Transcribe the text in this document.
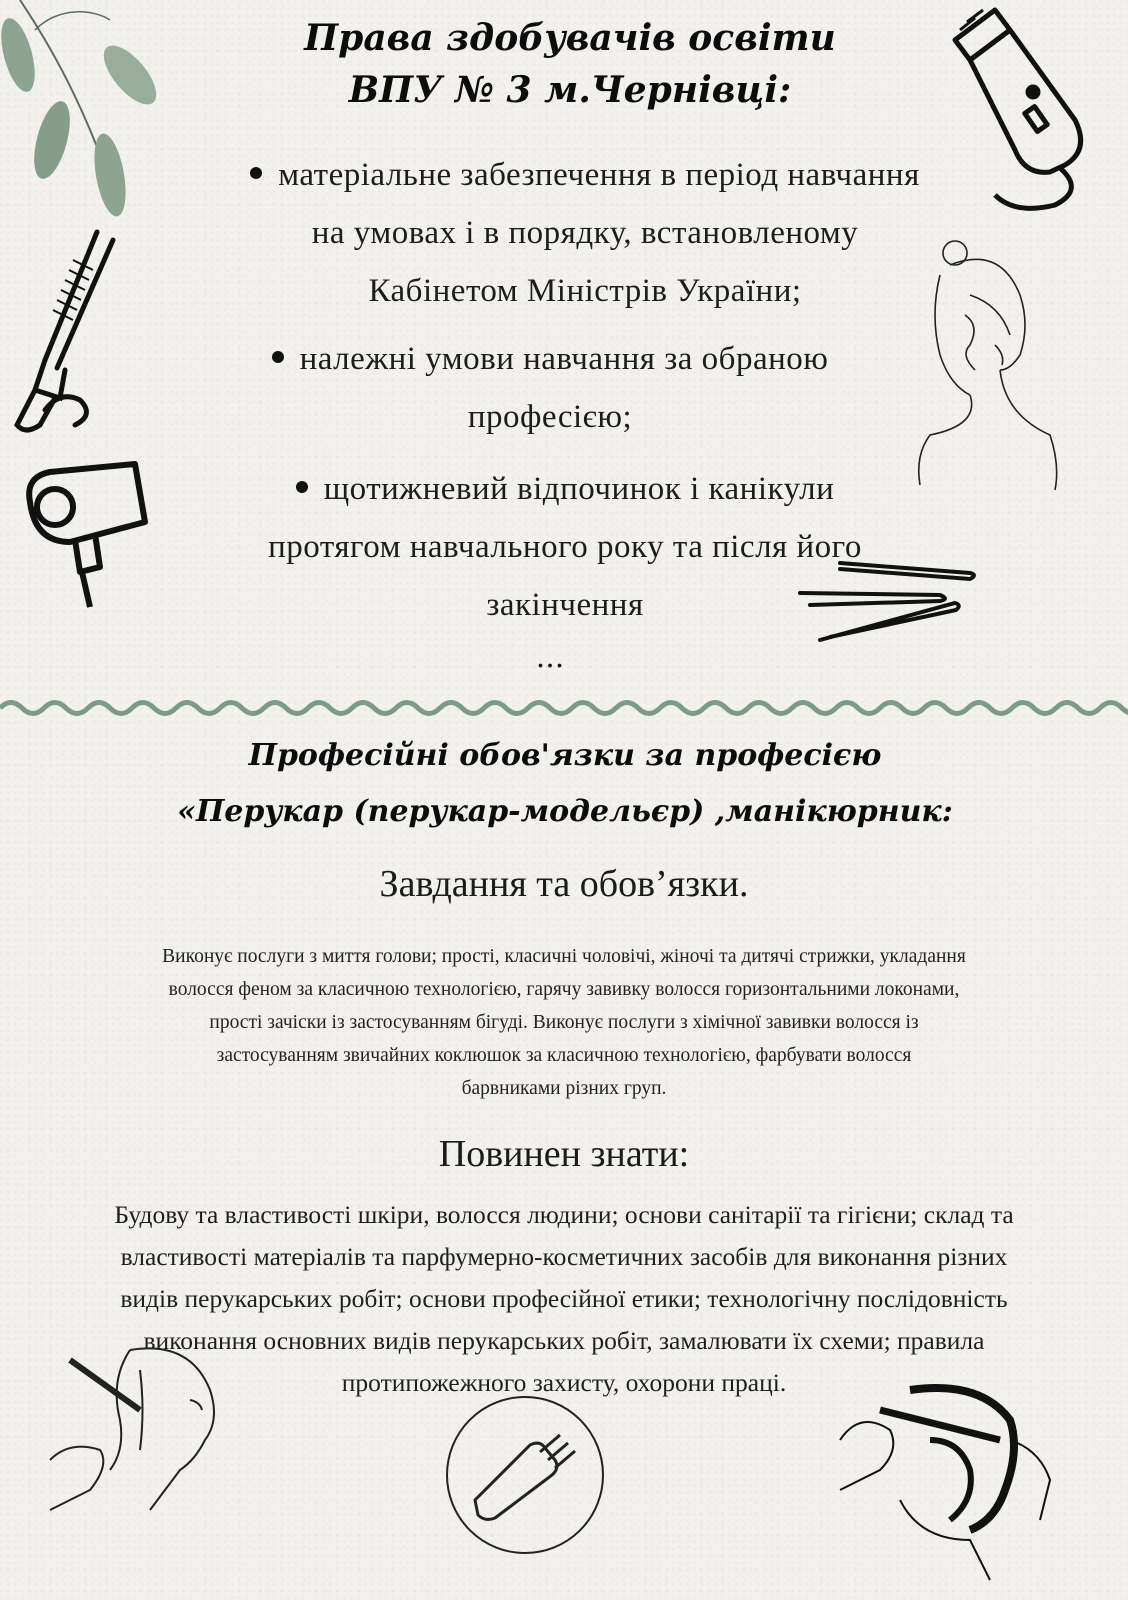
Права здобувачів освіти
ВПУ № 3 м.Чернівці:
матеріальне забезпечення в період навчання
на умовах і в порядку, встановленому
Кабінетом Міністрів України;
належні умови навчання за обраною
професією;
щотижневий відпочинок і канікули
протягом навчального року та після його
закінчення
...
Професійні обов'язки за професією
«Перукар (перукар-модельєр) ,манікюрник:
Завдання та обов’язки.
Виконує послуги з миття голови; прості, класичні чоловічі, жіночі та дитячі стрижки, укладання
волосся феном за класичною технологією, гарячу завивку волосся горизонтальними локонами,
прості зачіски із застосуванням бігуді. Виконує послуги з хімічної завивки волосся із
застосуванням звичайних коклюшок за класичною технологією, фарбувати волосся
барвниками різних груп.
Повинен знати:
Будову та властивості шкіри, волосся людини; основи санітарії та гігієни; склад та
властивості матеріалів та парфумерно-косметичних засобів для виконання різних
видів перукарських робіт; основи професійної етики; технологічну послідовність
виконання основних видів перукарських робіт, замалювати їх схеми; правила
протипожежного захисту, охорони праці.
